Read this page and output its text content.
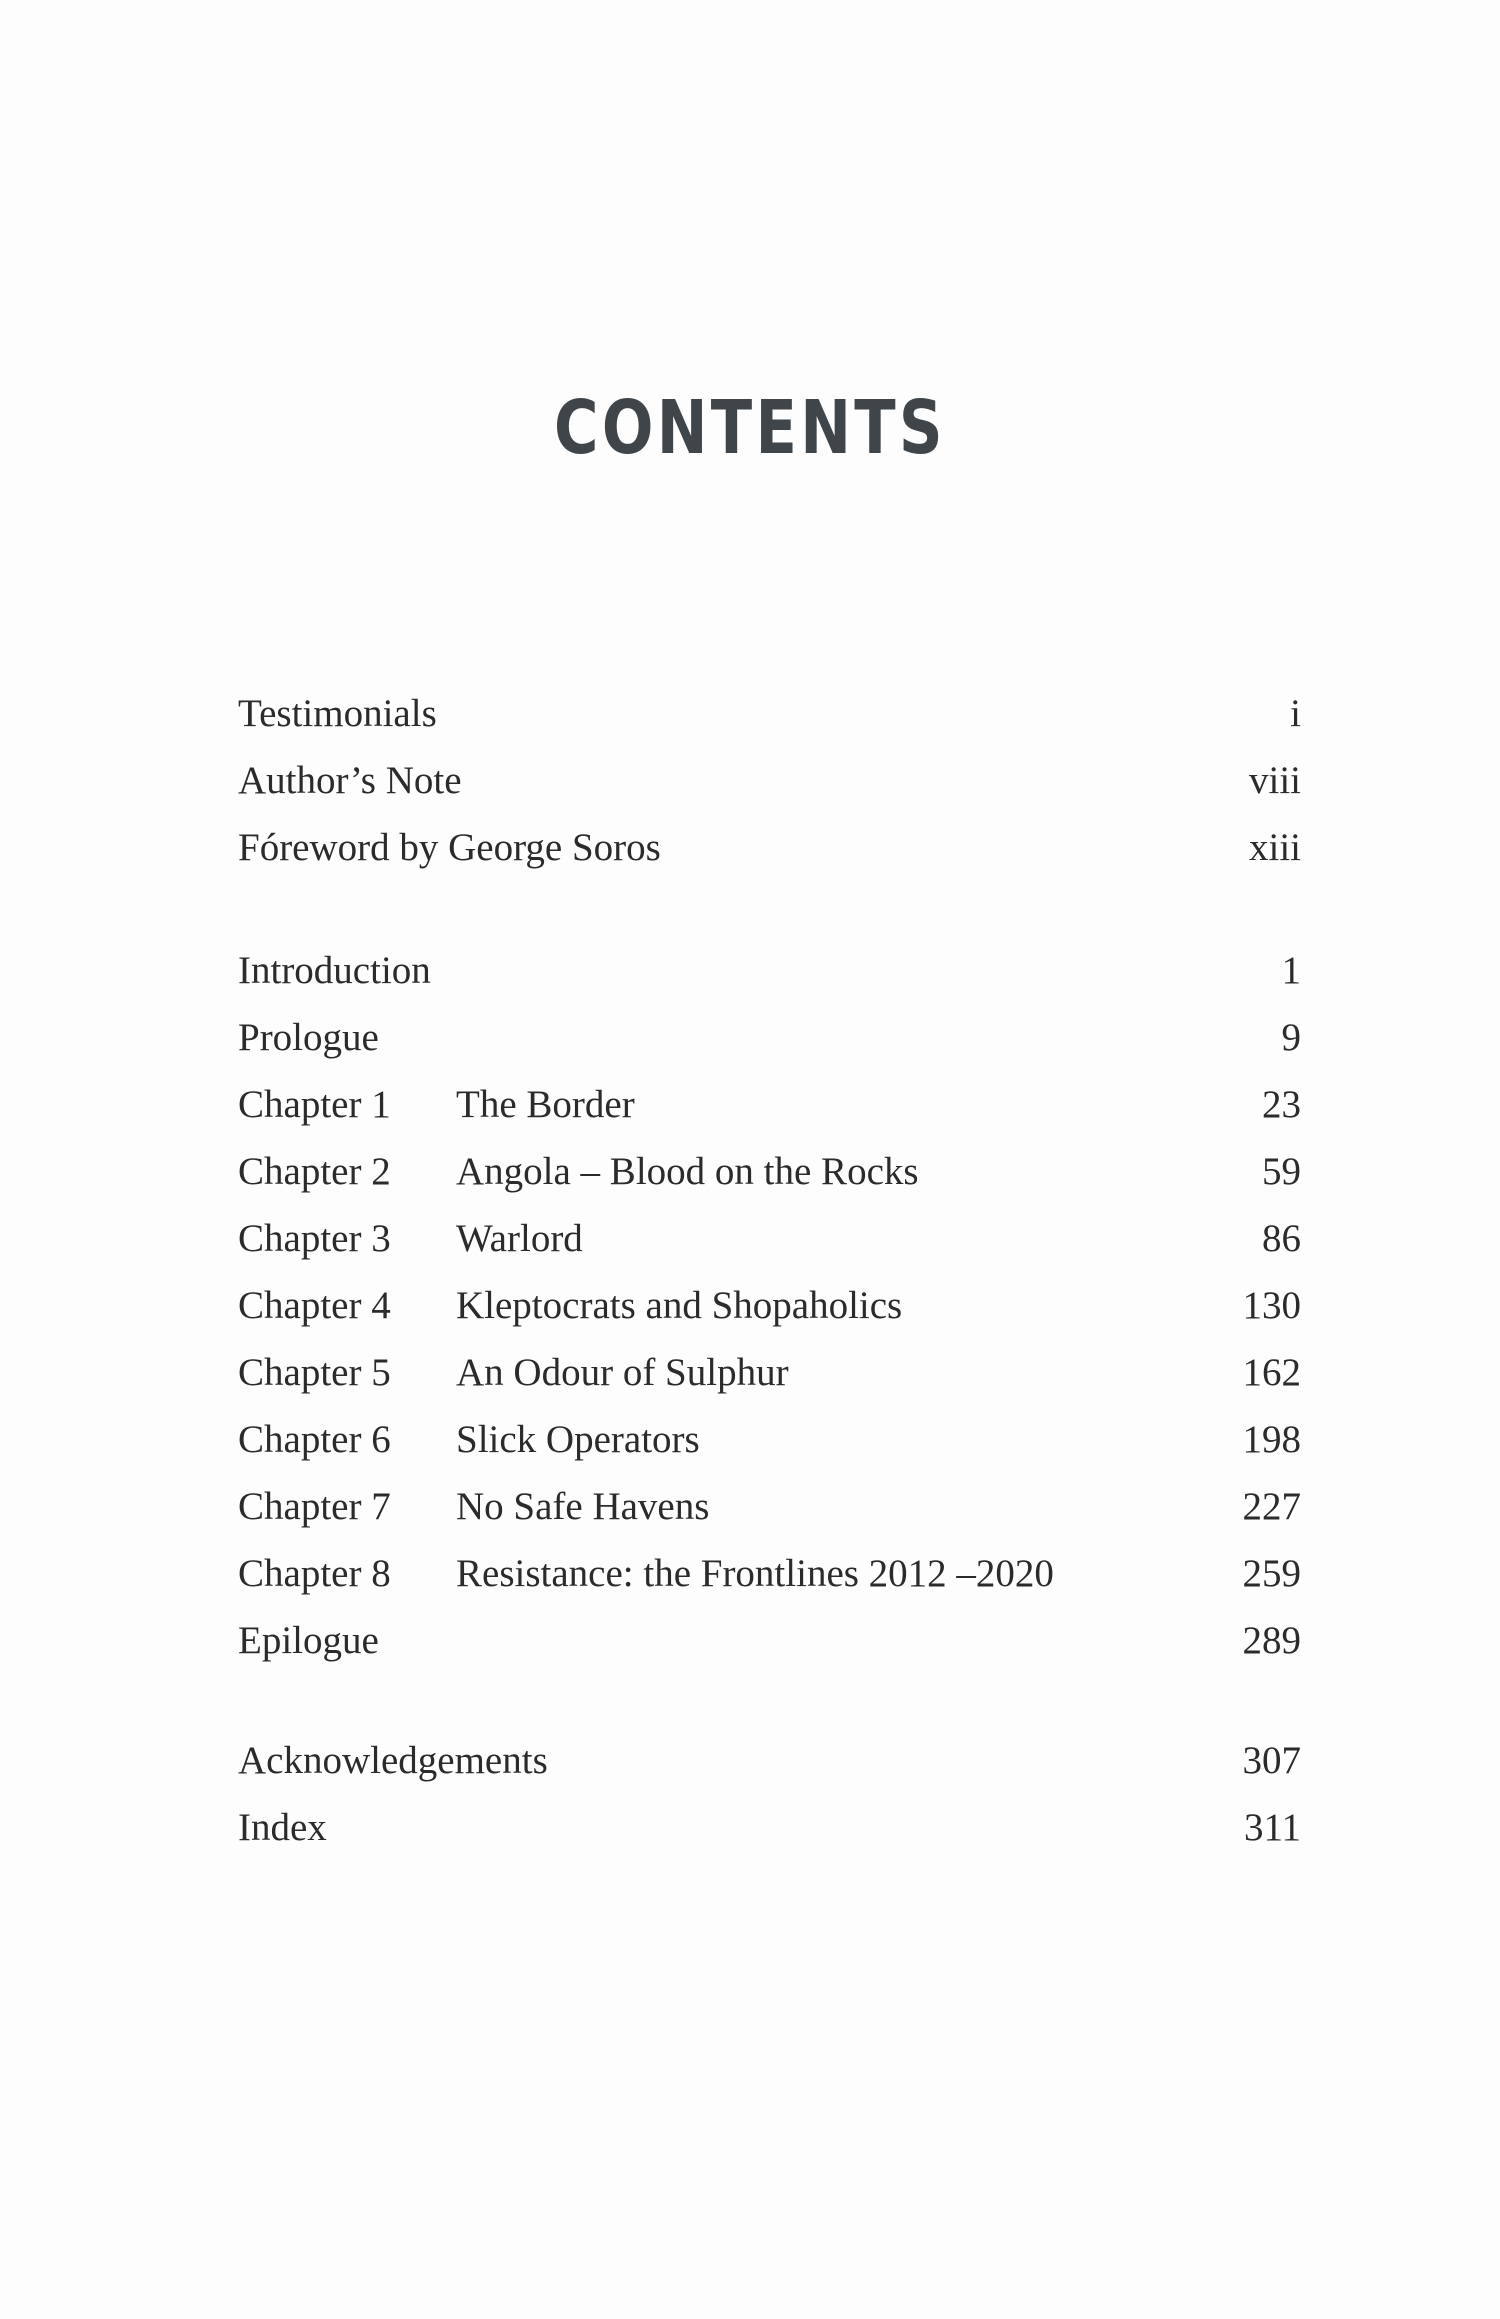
CONTENTS
Testimonials	i
Author’s Note	viii
Fóreword by George Soros	xiii
Introduction	1
Prologue	9
Chapter 1 The Border	23
Chapter 2 Angola – Blood on the Rocks	59
Chapter 3 Warlord	86
Chapter 4 Kleptocrats and Shopaholics	130
Chapter 5 An Odour of Sulphur	162
Chapter 6 Slick Operators	198
Chapter 7 No Safe Havens	227
Chapter 8 Resistance: the Frontlines 2012 –2020	259
Epilogue	289
Acknowledgements	307
Index	311
